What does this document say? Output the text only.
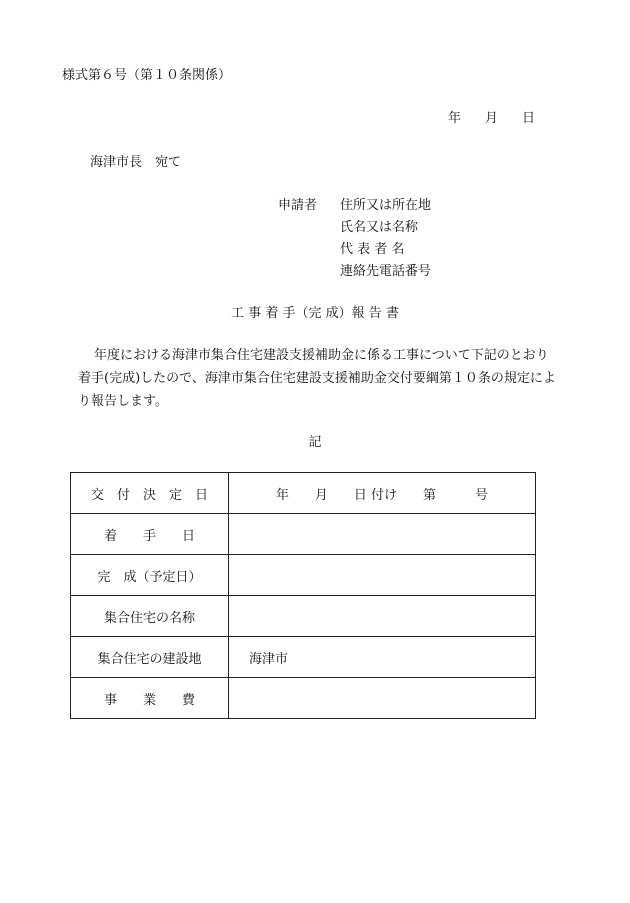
様式第６号（第１０条関係）
年 月 日
海津市長　宛て
申請者 住所又は所在地
氏名又は名称
代 表 者 名
連絡先電話番号
工 事 着 手（完 成）報 告 書
年度における海津市集合住宅建設支援補助金に係る工事について下記のとおり着手(完成)したので、海津市集合住宅建設支援補助金交付要綱第１０条の規定により報告します。
記
交　付　決　定　日	年　　月　　日 付け　　第　　　号
着　　手　　日	
完　成（予定日）	
集合住宅の名称	
集合住宅の建設地	海津市
事　　業　　費	
